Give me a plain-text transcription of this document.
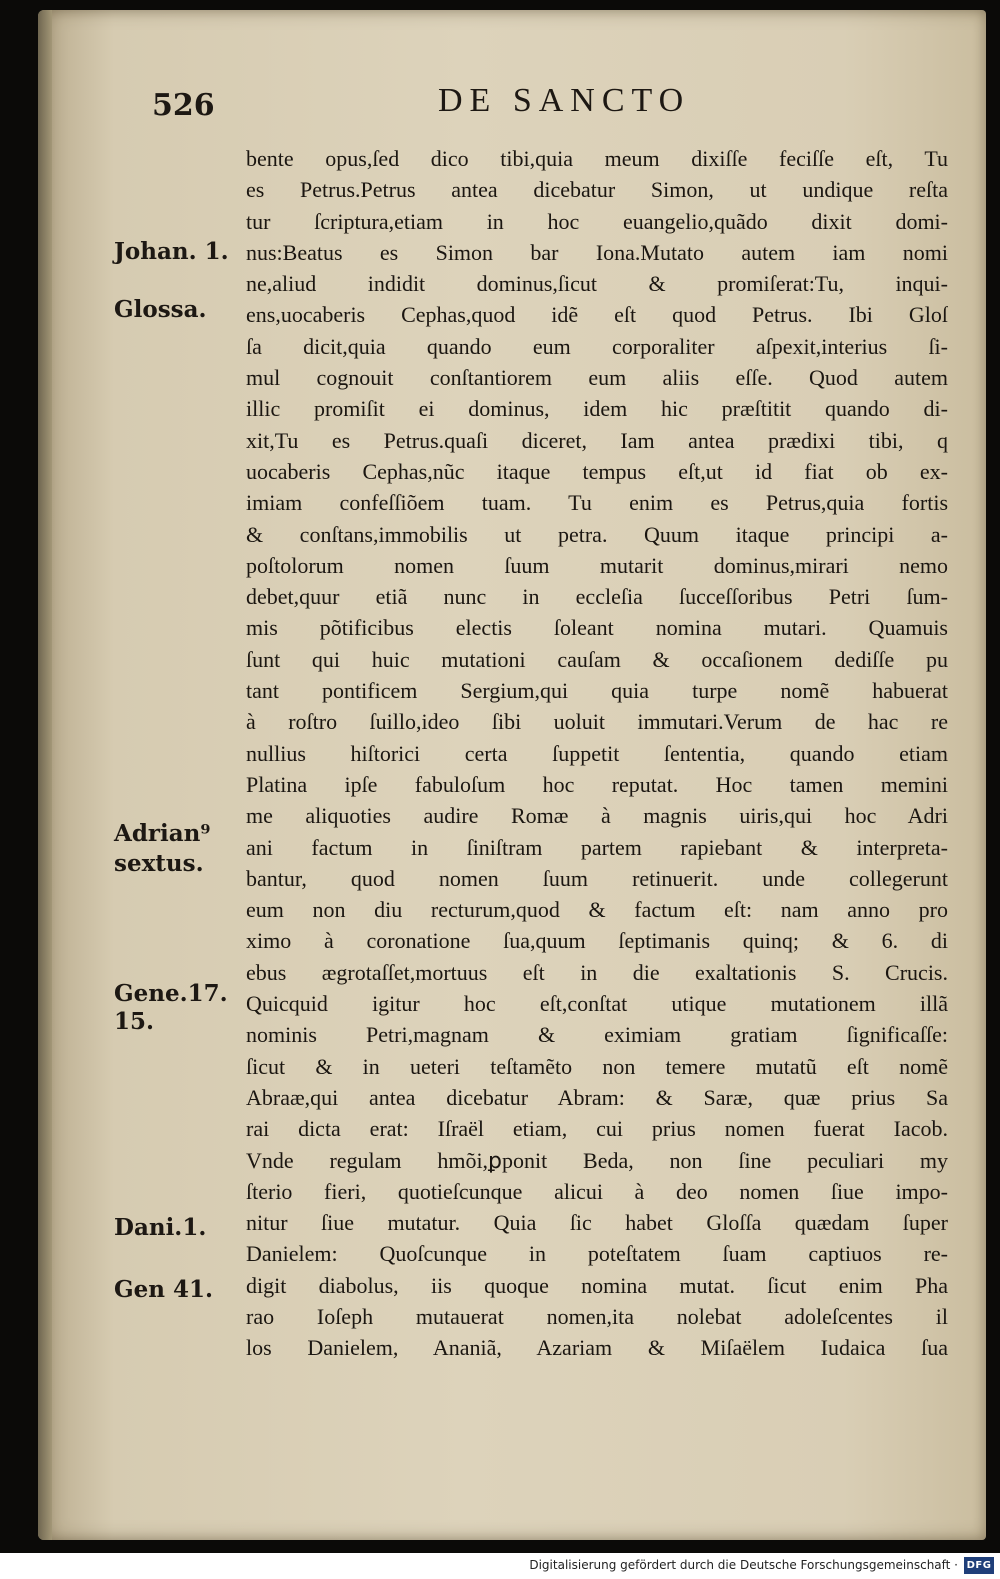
526	DE SANCTO
Johan. 1.
Glossa.
Adrian⁹
sextus.
Gene.17.
15.
Dani.1.
Gen 41.
bente opus,ſed dico tibi,quia meum dixiſſe feciſſe eſt, Tu
es Petrus.Petrus antea dicebatur Simon, ut undique reſta
tur ſcriptura,etiam in hoc euangelio,quãdo dixit domi-
nus:Beatus es Simon bar Iona.Mutato autem iam nomi
ne,aliud indidit dominus,ſicut & promiſerat:Tu, inqui-
ens,uocaberis Cephas,quod idẽ eſt quod Petrus. Ibi Gloſ
ſa dicit,quia quando eum corporaliter aſpexit,interius ſi-
mul cognouit conſtantiorem eum aliis eſſe. Quod autem
illic promiſit ei dominus, idem hic præſtitit quando di-
xit,Tu es Petrus.quaſi diceret, Iam antea prædixi tibi, q
uocaberis Cephas,nũc itaque tempus eſt,ut id fiat ob ex-
imiam confeſſiõem tuam. Tu enim es Petrus,quia fortis
& conſtans,immobilis ut petra. Quum itaque principi a-
poſtolorum nomen ſuum mutarit dominus,mirari nemo
debet,quur etiã nunc in eccleſia ſucceſſoribus Petri ſum-
mis põtificibus electis ſoleant nomina mutari. Quamuis
ſunt qui huic mutationi cauſam & occaſionem dediſſe pu
tant pontificem Sergium,qui quia turpe nomẽ habuerat
à roſtro ſuillo,ideo ſibi uoluit immutari.Verum de hac re
nullius hiſtorici certa ſuppetit ſententia, quando etiam
Platina ipſe fabuloſum hoc reputat. Hoc tamen memini
me aliquoties audire Romæ à magnis uiris,qui hoc Adri
ani factum in ſiniſtram partem rapiebant & interpreta-
bantur, quod nomen ſuum retinuerit. unde collegerunt
eum non diu recturum,quod & factum eſt: nam anno pro
ximo à coronatione ſua,quum ſeptimanis quinq; & 6. di
ebus ægrotaſſet,mortuus eſt in die exaltationis S. Crucis.
Quicquid igitur hoc eſt,conſtat utique mutationem illã
nominis Petri,magnam & eximiam gratiam ſignificaſſe:
ſicut & in ueteri teſtamẽto non temere mutatũ eſt nomẽ
Abraæ,qui antea dicebatur Abram: & Saræ, quæ prius Sa
rai dicta erat: Iſraël etiam, cui prius nomen fuerat Iacob.
Vnde regulam hmõi,ꝑponit Beda, non ſine peculiari my
ſterio fieri, quotieſcunque alicui à deo nomen ſiue impo-
nitur ſiue mutatur. Quia ſic habet Gloſſa quædam ſuper
Danielem: Quoſcunque in poteſtatem ſuam captiuos re-
digit diabolus, iis quoque nomina mutat. ſicut enim Pha
rao Ioſeph mutauerat nomen,ita nolebat adoleſcentes il
los Danielem, Ananiã, Azariam & Miſaëlem Iudaica ſua
Digitalisierung gefördert durch die Deutsche Forschungsgemeinschaft · DFG
